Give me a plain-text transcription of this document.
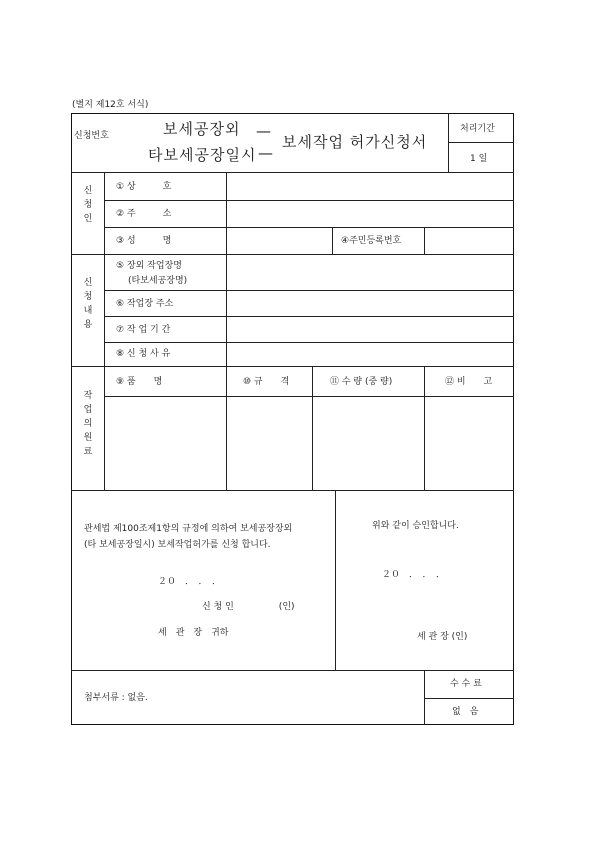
(별지 제12호 서식)
신청번호	보세공장외
타보세공장일시
—
—
보세작업 허가신청서
처리기간
1 일
신청인
① 상　　　호
② 주　　　소
③ 성　　　명	④주민등록번호
신청내용
⑤ 장외 작업장명
(타보세공장명)
⑥ 작업장 주소
⑦ 작 업 기 간
⑧ 신 청 사 유
작업의원료
⑨ 품　　명	⑩ 규　　격	⑪ 수 량 (중 량)	⑫ 비　　고
관세법 제100조제1항의 규정에 의하여 보세공장장외
(타 보세공장일시) 보세작업허가를 신청 합니다.
２０　．　．　．
신 청 인　　　　　(인)
세　관　장　귀하
위와 같이 승인합니다.
２０　．　．　．
세 관 장 (인)
첨부서류 : 없음.
수 수 료
없　음
